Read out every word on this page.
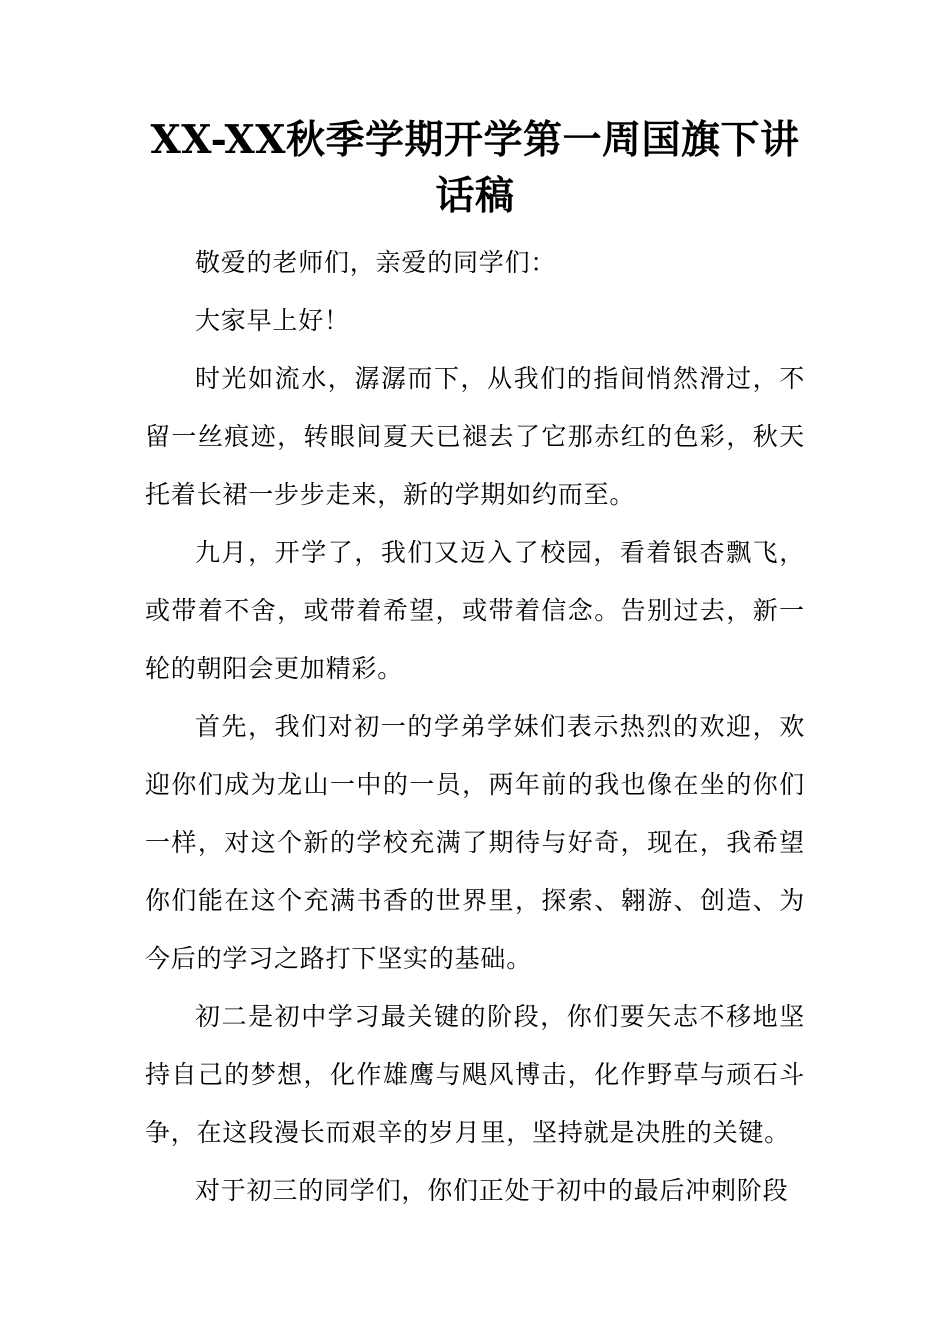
XX-XX秋季学期开学第一周国旗下讲话稿

敬爱的老师们，亲爱的同学们：

大家早上好！

时光如流水，潺潺而下，从我们的指间悄然滑过，不留一丝痕迹，转眼间夏天已褪去了它那赤红的色彩，秋天托着长裙一步步走来，新的学期如约而至。

九月，开学了，我们又迈入了校园，看着银杏飘飞，或带着不舍，或带着希望，或带着信念。告别过去，新一轮的朝阳会更加精彩。

首先，我们对初一的学弟学妹们表示热烈的欢迎，欢迎你们成为龙山一中的一员，两年前的我也像在坐的你们一样，对这个新的学校充满了期待与好奇，现在，我希望你们能在这个充满书香的世界里，探索、翱游、创造、为今后的学习之路打下坚实的基础。

初二是初中学习最关键的阶段，你们要矢志不移地坚持自己的梦想，化作雄鹰与飓风博击，化作野草与顽石斗争，在这段漫长而艰辛的岁月里，坚持就是决胜的关键。

对于初三的同学们，你们正处于初中的最后冲刺阶段
